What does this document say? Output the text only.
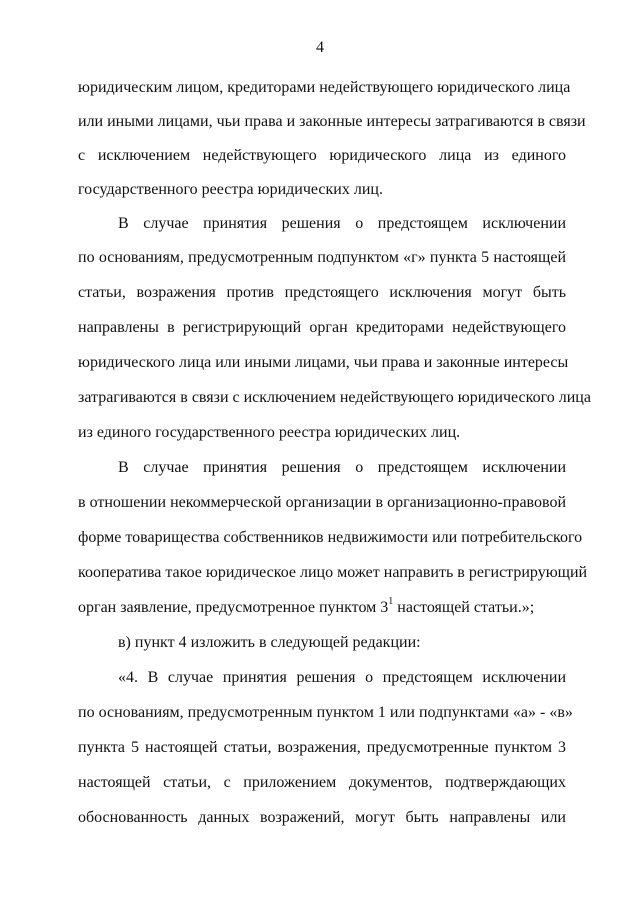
4
юридическим лицом, кредиторами недействующего юридического лица
или иными лицами, чьи права и законные интересы затрагиваются в связи
с исключением недействующего юридического лица из единого
государственного реестра юридических лиц.
В случае принятия решения о предстоящем исключении
по основаниям, предусмотренным подпунктом «г» пункта 5 настоящей
статьи, возражения против предстоящего исключения могут быть
направлены в регистрирующий орган кредиторами недействующего
юридического лица или иными лицами, чьи права и законные интересы
затрагиваются в связи с исключением недействующего юридического лица
из единого государственного реестра юридических лиц.
В случае принятия решения о предстоящем исключении
в отношении некоммерческой организации в организационно-правовой
форме товарищества собственников недвижимости или потребительского
кооператива такое юридическое лицо может направить в регистрирующий
орган заявление, предусмотренное пунктом $3^1$ настоящей статьи.»;
в) пункт 4 изложить в следующей редакции:
«4. В случае принятия решения о предстоящем исключении
по основаниям, предусмотренным пунктом 1 или подпунктами «а» - «в»
пункта 5 настоящей статьи, возражения, предусмотренные пунктом 3
настоящей статьи, с приложением документов, подтверждающих
обоснованность данных возражений, могут быть направлены или
